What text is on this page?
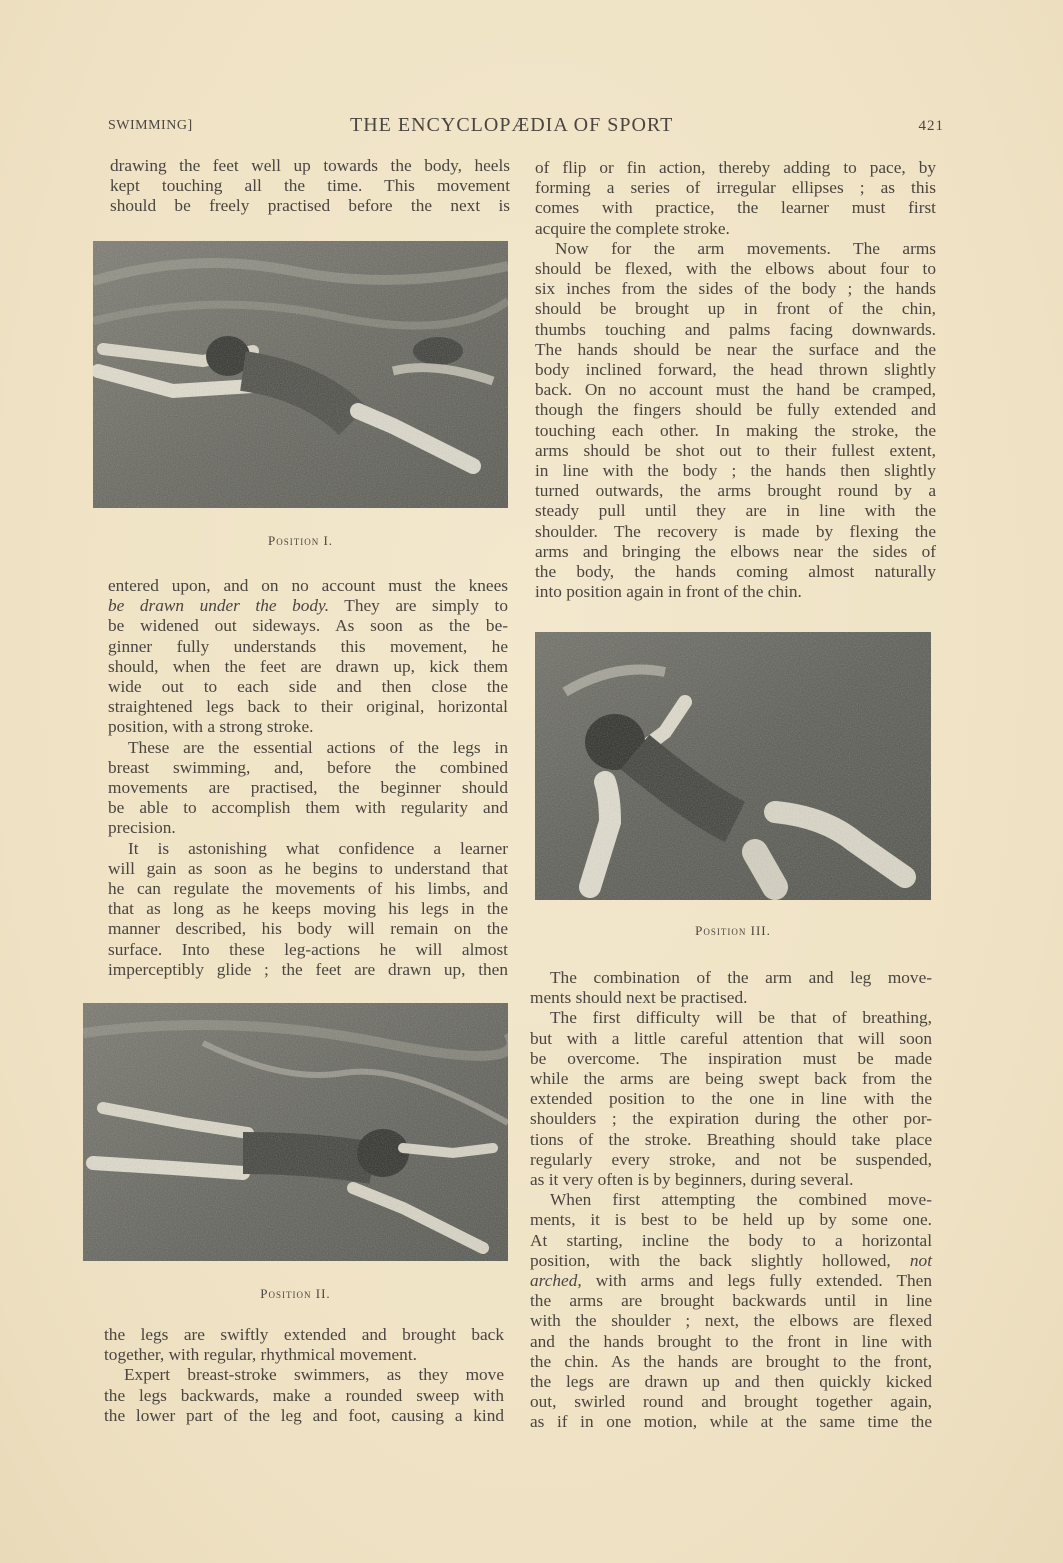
SWIMMING]	THE ENCYCLOPÆDIA OF SPORT	421
drawing the feet well up towards the body, heels
kept touching all the time. This movement
should be freely practised before the next is
Position I.
entered upon, and on no account must the knees
be drawn under the body. They are simply to
be widened out sideways. As soon as the be-
ginner fully understands this movement, he
should, when the feet are drawn up, kick them
wide out to each side and then close the
straightened legs back to their original, horizontal
position, with a strong stroke.
These are the essential actions of the legs in
breast swimming, and, before the combined
movements are practised, the beginner should
be able to accomplish them with regularity and
precision.
It is astonishing what confidence a learner
will gain as soon as he begins to understand that
he can regulate the movements of his limbs, and
that as long as he keeps moving his legs in the
manner described, his body will remain on the
surface. Into these leg-actions he will almost
imperceptibly glide ; the feet are drawn up, then
Position II.
the legs are swiftly extended and brought back
together, with regular, rhythmical movement.
Expert breast-stroke swimmers, as they move
the legs backwards, make a rounded sweep with
the lower part of the leg and foot, causing a kind
of flip or fin action, thereby adding to pace, by
forming a series of irregular ellipses ; as this
comes with practice, the learner must first
acquire the complete stroke.
Now for the arm movements. The arms
should be flexed, with the elbows about four to
six inches from the sides of the body ; the hands
should be brought up in front of the chin,
thumbs touching and palms facing downwards.
The hands should be near the surface and the
body inclined forward, the head thrown slightly
back. On no account must the hand be cramped,
though the fingers should be fully extended and
touching each other. In making the stroke, the
arms should be shot out to their fullest extent,
in line with the body ; the hands then slightly
turned outwards, the arms brought round by a
steady pull until they are in line with the
shoulder. The recovery is made by flexing the
arms and bringing the elbows near the sides of
the body, the hands coming almost naturally
into position again in front of the chin.
Position III.
The combination of the arm and leg move-
ments should next be practised.
The first difficulty will be that of breathing,
but with a little careful attention that will soon
be overcome. The inspiration must be made
while the arms are being swept back from the
extended position to the one in line with the
shoulders ; the expiration during the other por-
tions of the stroke. Breathing should take place
regularly every stroke, and not be suspended,
as it very often is by beginners, during several.
When first attempting the combined move-
ments, it is best to be held up by some one.
At starting, incline the body to a horizontal
position, with the back slightly hollowed, not
arched, with arms and legs fully extended. Then
the arms are brought backwards until in line
with the shoulder ; next, the elbows are flexed
and the hands brought to the front in line with
the chin. As the hands are brought to the front,
the legs are drawn up and then quickly kicked
out, swirled round and brought together again,
as if in one motion, while at the same time the
